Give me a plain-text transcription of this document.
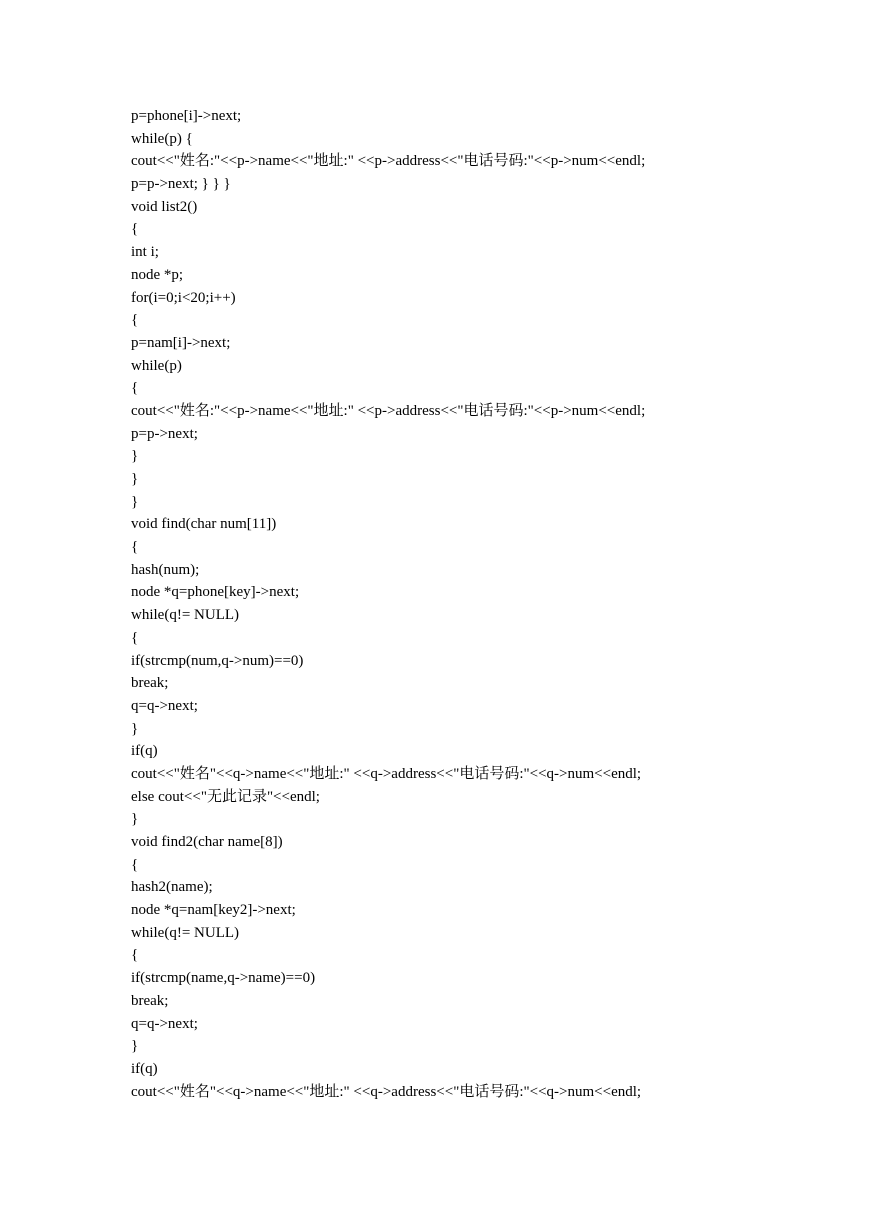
p=phone[i]->next;
while(p) {
cout<<"姓名:"<<p->name<<"地址:" <<p->address<<"电话号码:"<<p->num<<endl;
p=p->next; } } }
void list2()
{
int i;
node *p;
for(i=0;i<20;i++)
{
p=nam[i]->next;
while(p)
{
cout<<"姓名:"<<p->name<<"地址:" <<p->address<<"电话号码:"<<p->num<<endl;
p=p->next;
}
}
}
void find(char num[11])
{
hash(num);
node *q=phone[key]->next;
while(q!= NULL)
{
if(strcmp(num,q->num)==0)
break;
q=q->next;
}
if(q)
cout<<"姓名"<<q->name<<"地址:" <<q->address<<"电话号码:"<<q->num<<endl;
else cout<<"无此记录"<<endl;
}
void find2(char name[8])
{
hash2(name);
node *q=nam[key2]->next;
while(q!= NULL)
{
if(strcmp(name,q->name)==0)
break;
q=q->next;
}
if(q)
cout<<"姓名"<<q->name<<"地址:" <<q->address<<"电话号码:"<<q->num<<endl;
